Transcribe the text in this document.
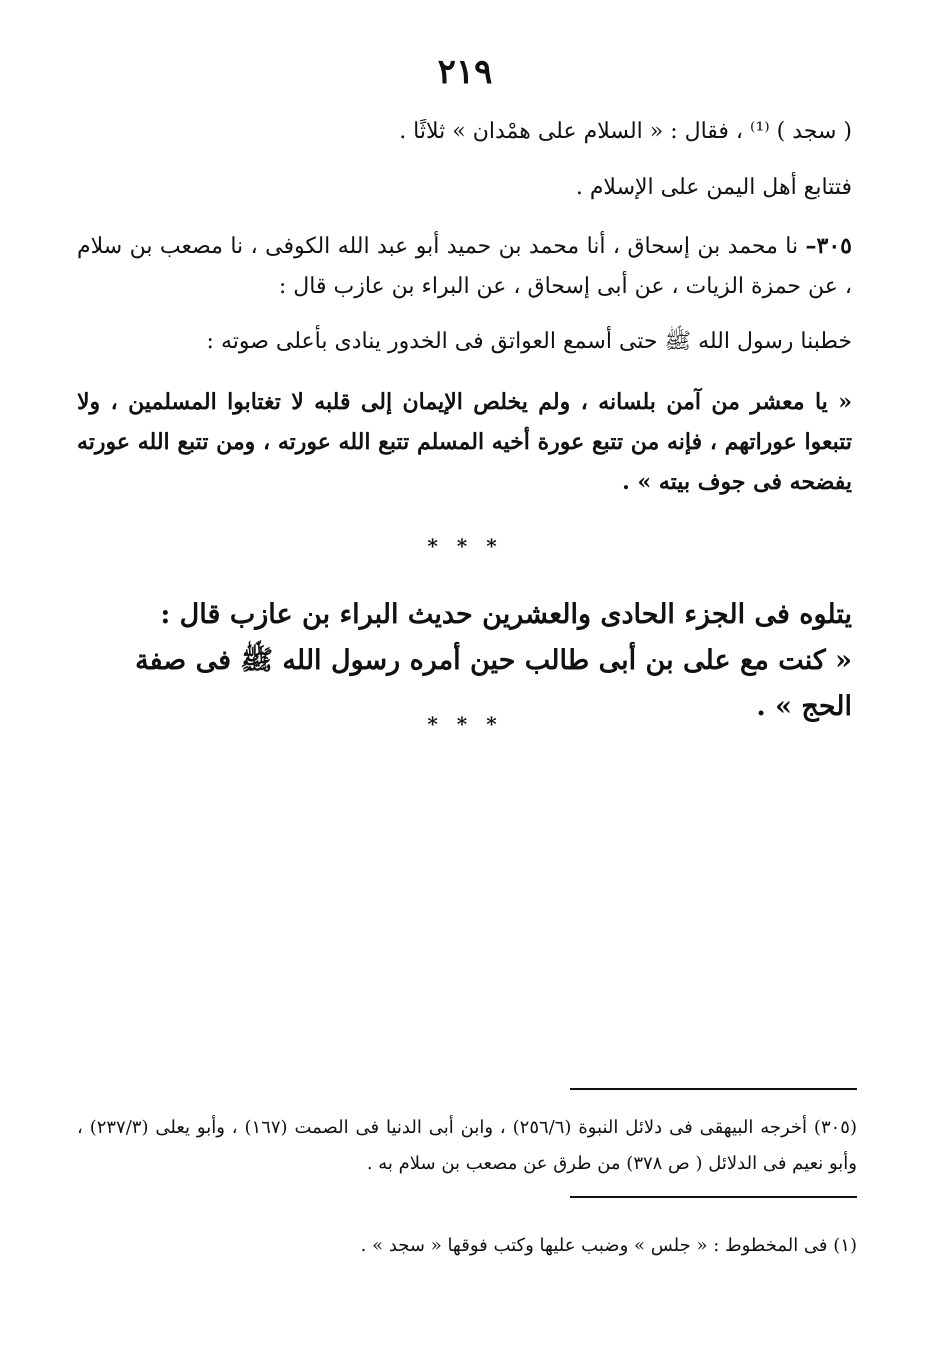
٢١٩
( سجد ) ⁽¹⁾ ، فقال : « السلام على همْدان » ثلاثًا .
فتتابع أهل اليمن على الإسلام .
٣٠٥– نا محمد بن إسحاق ، أنا محمد بن حميد أبو عبد الله الكوفى ، نا مصعب بن سلام ، عن حمزة الزيات ، عن أبى إسحاق ، عن البراء بن عازب قال :
خطبنا رسول الله ﷺ حتى أسمع العواتق فى الخدور ينادى بأعلى صوته :
« يا معشر من آمن بلسانه ، ولم يخلص الإيمان إلى قلبه لا تغتابوا المسلمين ، ولا تتبعوا عوراتهم ، فإنه من تتبع عورة أخيه المسلم تتبع الله عورته ، ومن تتبع الله عورته يفضحه فى جوف بيته » .
* * *
يتلوه فى الجزء الحادى والعشرين حديث البراء بن عازب قال :
« كنت مع على بن أبى طالب حين أمره رسول الله ﷺ فى صفة الحج » .
* * *
(٣٠٥) أخرجه البيهقى فى دلائل النبوة (٢٥٦/٦) ، وابن أبى الدنيا فى الصمت (١٦٧) ، وأبو يعلى (٢٣٧/٣) ، وأبو نعيم فى الدلائل ( ص ٣٧٨) من طرق عن مصعب بن سلام به .
(١) فى المخطوط : « جلس » وضبب عليها وكتب فوقها « سجد » .
